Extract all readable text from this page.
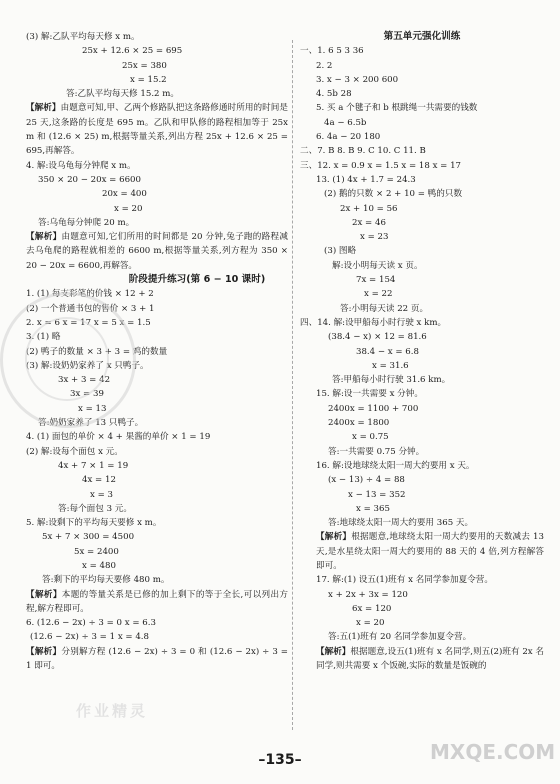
(3) 解:乙队平均每天修 x m。
25x + 12.6 × 25 = 695
25x = 380
x = 15.2
答:乙队平均每天修 15.2 m。
【解析】由题意可知,甲、乙两个修路队把这条路修通时所用的时间是 25 天,这条路的长度是 695 m。乙队和甲队修的路程相加等于 25x m 和 (12.6 × 25) m,根据等量关系,列出方程 25x + 12.6 × 25 = 695,再解答。
4. 解:设乌龟每分钟爬 x m。
350 × 20 − 20x = 6600
20x = 400
x = 20
答:乌龟每分钟爬 20 m。
【解析】由题意可知,它们所用的时间都是 20 分钟,兔子跑的路程减去乌龟爬的路程就相差的 6600 m,根据等量关系,列方程为 350 × 20 − 20x = 6600,再解答。
阶段提升练习(第 6 − 10 课时)
1. (1) 每支彩笔的价钱 × 12 + 2
(2) 一个普通书包的售价 × 3 + 1
2. x = 6 x = 17 x = 5 x = 1.5
3. (1) 略
(2) 鸭子的数量 × 3 + 3 = 鸡的数量
(3) 解:设奶奶家养了 x 只鸭子。
3x + 3 = 42
3x = 39
x = 13
答:奶奶家养了 13 只鸭子。
4. (1) 面包的单价 × 4 + 果酱的单价 × 1 = 19
(2) 解:设每个面包 x 元。
4x + 7 × 1 = 19
4x = 12
x = 3
答:每个面包 3 元。
5. 解:设剩下的平均每天要修 x m。
5x + 7 × 300 = 4500
5x = 2400
x = 480
答:剩下的平均每天要修 480 m。
【解析】本题的等量关系是已修的加上剩下的等于全长,可以列出方程,解方程即可。
6. (12.6 − 2x) ÷ 3 = 0 x = 6.3
(12.6 − 2x) ÷ 3 = 1 x = 4.8
【解析】分别解方程 (12.6 − 2x) ÷ 3 = 0 和 (12.6 − 2x) ÷ 3 = 1 即可。
第五单元强化训练
一、1. 6 5 3 36
2. 2
3. x − 3 × 200 600
4. 5b 28
5. 买 a 个毽子和 b 根跳绳一共需要的钱数
4a − 6.5b
6. 4a − 20 180
二、7. B 8. B 9. C 10. C 11. B
三、12. x = 0.9 x = 1.5 x = 18 x = 17
13. (1) 4x + 1.7 = 24.3
(2) 鹅的只数 × 2 + 10 = 鸭的只数
2x + 10 = 56
2x = 46
x = 23
(3) 图略
解:设小明每天读 x 页。
7x = 154
x = 22
答:小明每天读 22 页。
四、14. 解:设甲船每小时行驶 x km。
(38.4 − x) × 12 = 81.6
38.4 − x = 6.8
x = 31.6
答:甲船每小时行驶 31.6 km。
15. 解:设一共需要 x 分钟。
2400x = 1100 + 700
2400x = 1800
x = 0.75
答:一共需要 0.75 分钟。
16. 解:设地球绕太阳一周大约要用 x 天。
(x − 13) ÷ 4 = 88
x − 13 = 352
x = 365
答:地球绕太阳一周大约要用 365 天。
【解析】根据题意,地球绕太阳一周大约要用的天数减去 13 天,是水星绕太阳一周大约要用的 88 天的 4 倍,列方程解答即可。
17. 解:(1) 设五(1)班有 x 名同学参加夏令营。
x + 2x + 3x = 120
6x = 120
x = 20
答:五(1)班有 20 名同学参加夏令营。
【解析】根据题意,设五(1)班有 x 名同学,则五(2)班有 2x 名同学,则共需要 x 个饭碗,实际的数量是饭碗的
作业精灵
MXQE.COM
–135–
